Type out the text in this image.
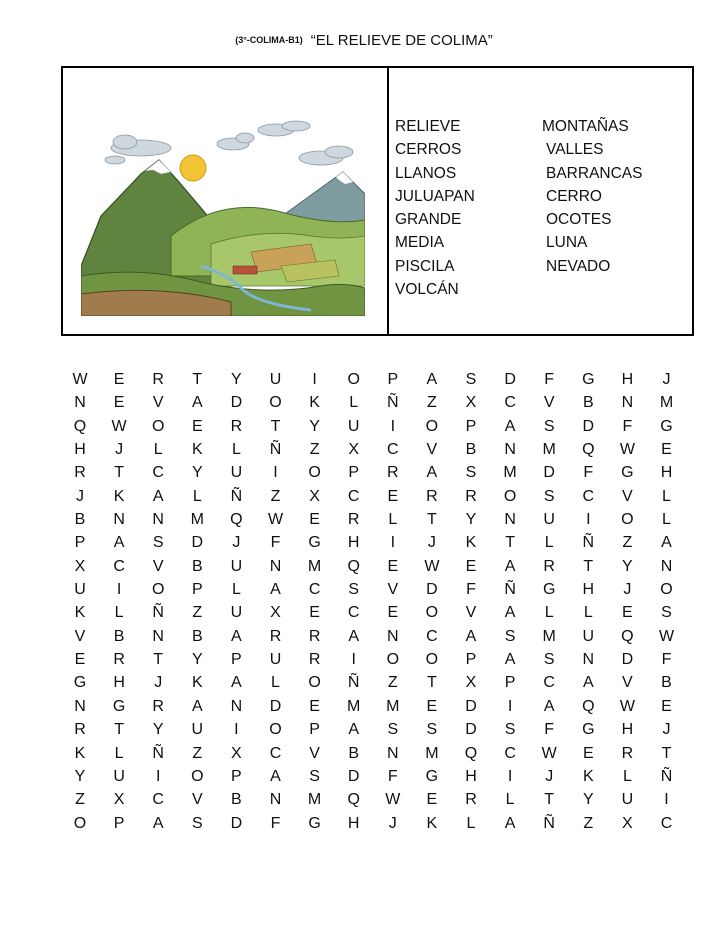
(3°-COLIMA-B1) “EL RELIEVE DE COLIMA”
RELIEVE
CERROS
LLANOS
JULUAPAN
GRANDE
MEDIA
PISCILA
VOLCÁN
MONTAÑAS
VALLES
BARRANCAS
CERRO
OCOTES
LUNA
NEVADO
W	E	R	T	Y	U	I	O	P	A	S	D	F	G	H	J
N	E	V	A	D	O	K	L	Ñ	Z	X	C	V	B	N	M
Q	W	O	E	R	T	Y	U	I	O	P	A	S	D	F	G
H	J	L	K	L	Ñ	Z	X	C	V	B	N	M	Q	W	E
R	T	C	Y	U	I	O	P	R	A	S	M	D	F	G	H
J	K	A	L	Ñ	Z	X	C	E	R	R	O	S	C	V	L
B	N	N	M	Q	W	E	R	L	T	Y	N	U	I	O	L
P	A	S	D	J	F	G	H	I	J	K	T	L	Ñ	Z	A
X	C	V	B	U	N	M	Q	E	W	E	A	R	T	Y	N
U	I	O	P	L	A	C	S	V	D	F	Ñ	G	H	J	O
K	L	Ñ	Z	U	X	E	C	E	O	V	A	L	L	E	S
V	B	N	B	A	R	R	A	N	C	A	S	M	U	Q	W
E	R	T	Y	P	U	R	I	O	O	P	A	S	N	D	F
G	H	J	K	A	L	O	Ñ	Z	T	X	P	C	A	V	B
N	G	R	A	N	D	E	M	M	E	D	I	A	Q	W	E
R	T	Y	U	I	O	P	A	S	S	D	S	F	G	H	J
K	L	Ñ	Z	X	C	V	B	N	M	Q	C	W	E	R	T
Y	U	I	O	P	A	S	D	F	G	H	I	J	K	L	Ñ
Z	X	C	V	B	N	M	Q	W	E	R	L	T	Y	U	I
O	P	A	S	D	F	G	H	J	K	L	A	Ñ	Z	X	C
